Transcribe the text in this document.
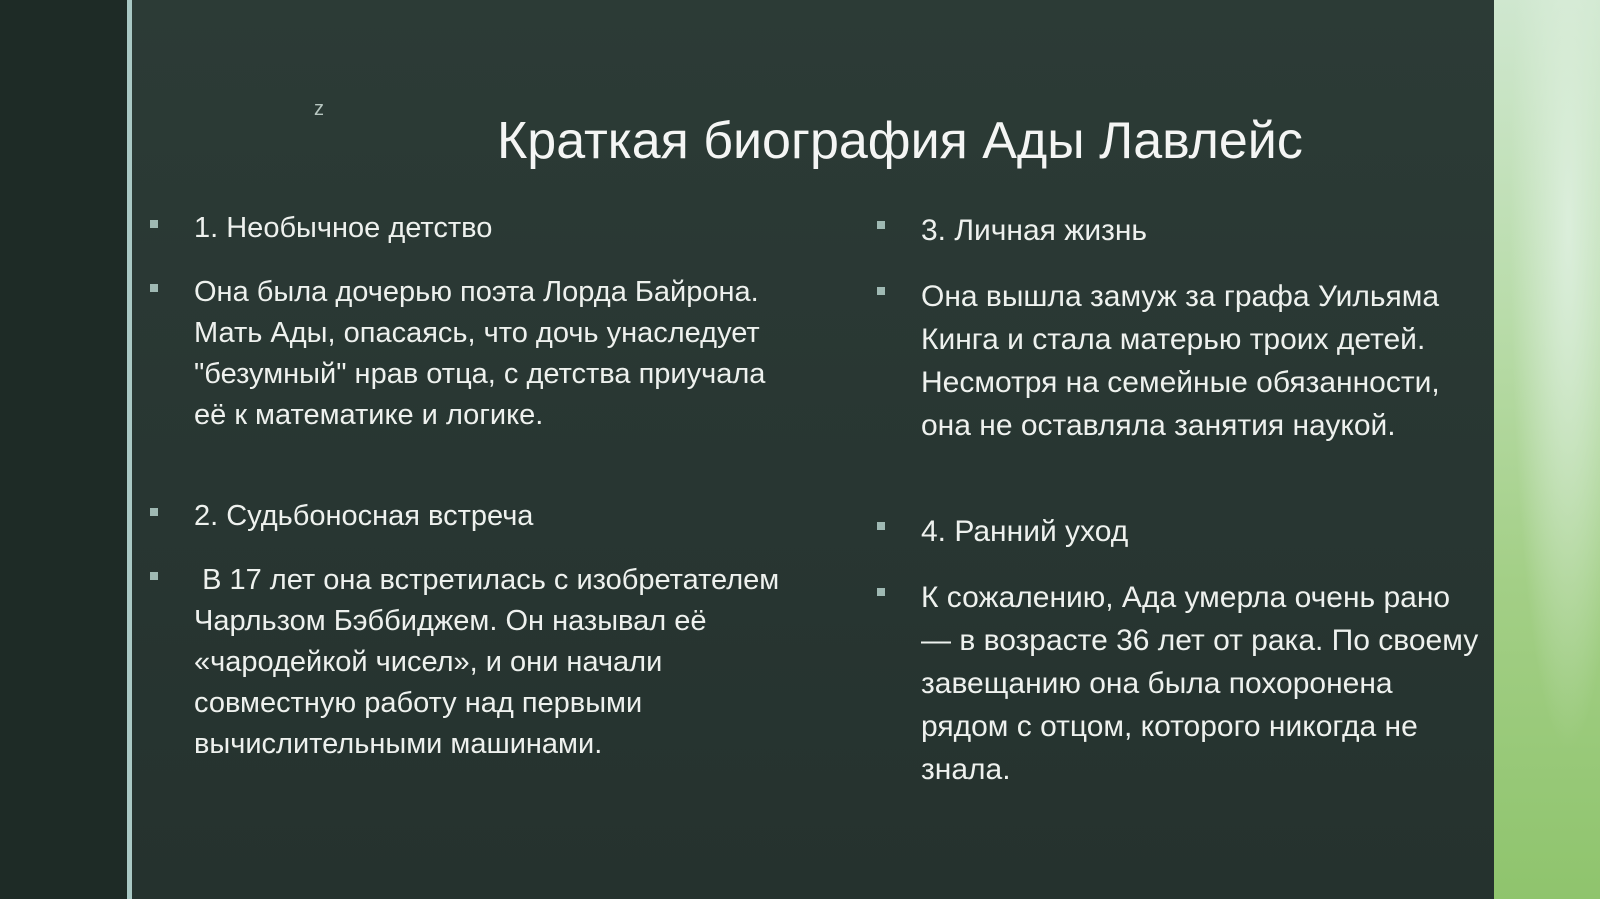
z
Краткая биография Ады Лавлейс
1. Необычное детство
Она была дочерью поэта Лорда Байрона. Мать Ады, опасаясь, что дочь унаследует "безумный" нрав отца, с детства приучала её к математике и логике.
2. Судьбоносная встреча
В 17 лет она встретилась с изобретателем Чарльзом Бэббиджем. Он называл её «чародейкой чисел», и они начали совместную работу над первыми вычислительными машинами.
3. Личная жизнь
Она вышла замуж за графа Уильяма Кинга и стала матерью троих детей. Несмотря на семейные обязанности, она не оставляла занятия наукой.
4. Ранний уход
К сожалению, Ада умерла очень рано — в возрасте 36 лет от рака. По своему завещанию она была похоронена рядом с отцом, которого никогда не знала.
